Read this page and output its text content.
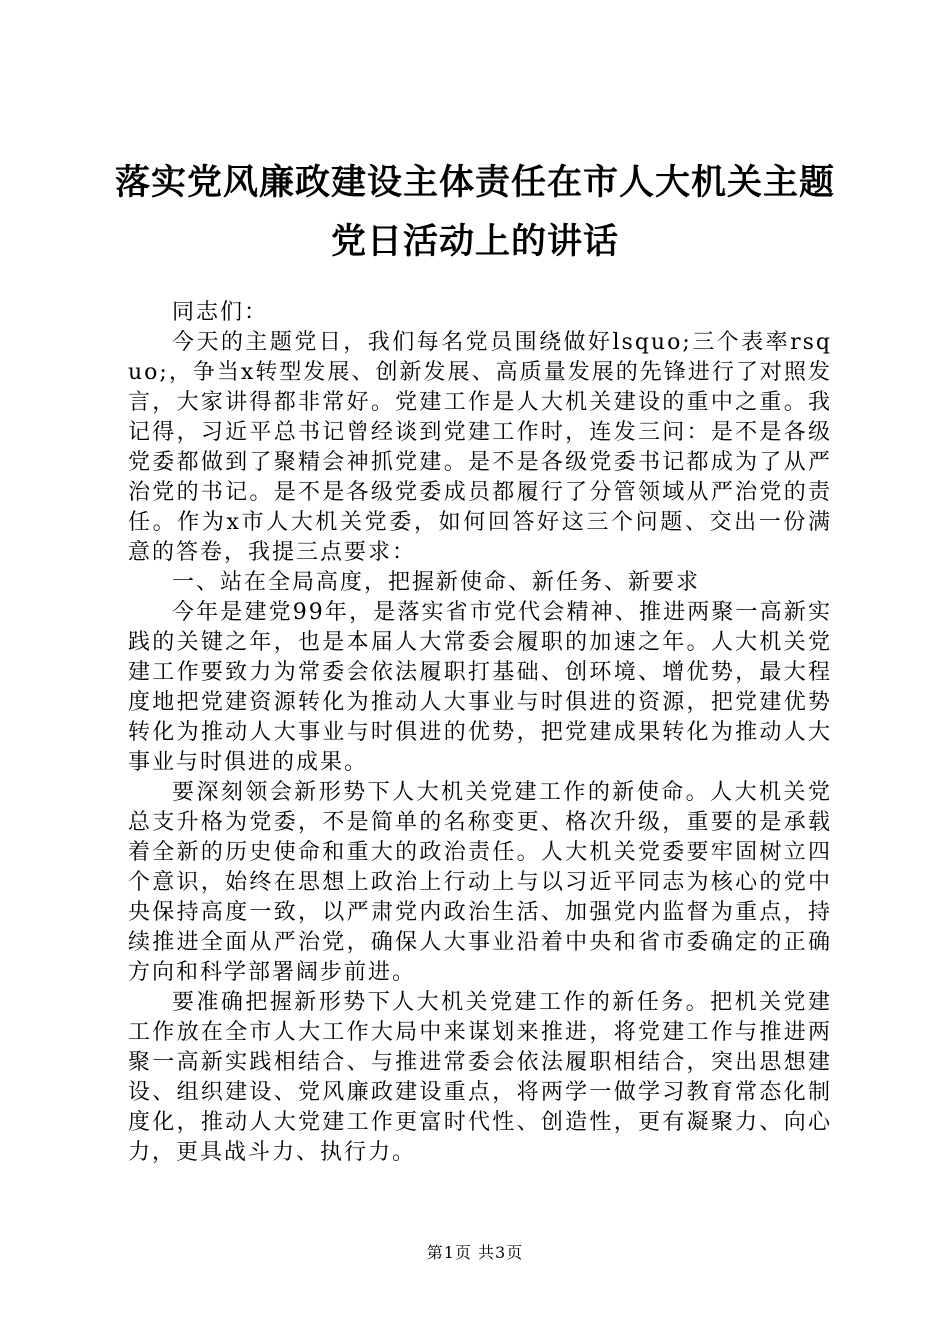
落实党风廉政建设主体责任在市人大机关主题
党日活动上的讲话

同志们：

今天的主题党日，我们每名党员围绕做好lsquo;三个表率rsquo;，争当x转型发展、创新发展、高质量发展的先锋进行了对照发言，大家讲得都非常好。党建工作是人大机关建设的重中之重。我记得，习近平总书记曾经谈到党建工作时，连发三问：是不是各级党委都做到了聚精会神抓党建。是不是各级党委书记都成为了从严治党的书记。是不是各级党委成员都履行了分管领域从严治党的责任。作为x市人大机关党委，如何回答好这三个问题、交出一份满意的答卷，我提三点要求：

一、站在全局高度，把握新使命、新任务、新要求

今年是建党99年，是落实省市党代会精神、推进两聚一高新实践的关键之年，也是本届人大常委会履职的加速之年。人大机关党建工作要致力为常委会依法履职打基础、创环境、增优势，最大程度地把党建资源转化为推动人大事业与时俱进的资源，把党建优势转化为推动人大事业与时俱进的优势，把党建成果转化为推动人大事业与时俱进的成果。

要深刻领会新形势下人大机关党建工作的新使命。人大机关党总支升格为党委，不是简单的名称变更、格次升级，重要的是承载着全新的历史使命和重大的政治责任。人大机关党委要牢固树立四个意识，始终在思想上政治上行动上与以习近平同志为核心的党中央保持高度一致，以严肃党内政治生活、加强党内监督为重点，持续推进全面从严治党，确保人大事业沿着中央和省市委确定的正确方向和科学部署阔步前进。

要准确把握新形势下人大机关党建工作的新任务。把机关党建工作放在全市人大工作大局中来谋划来推进，将党建工作与推进两聚一高新实践相结合、与推进常委会依法履职相结合，突出思想建设、组织建设、党风廉政建设重点，将两学一做学习教育常态化制度化，推动人大党建工作更富时代性、创造性，更有凝聚力、向心力，更具战斗力、执行力。

第1页 共3页
